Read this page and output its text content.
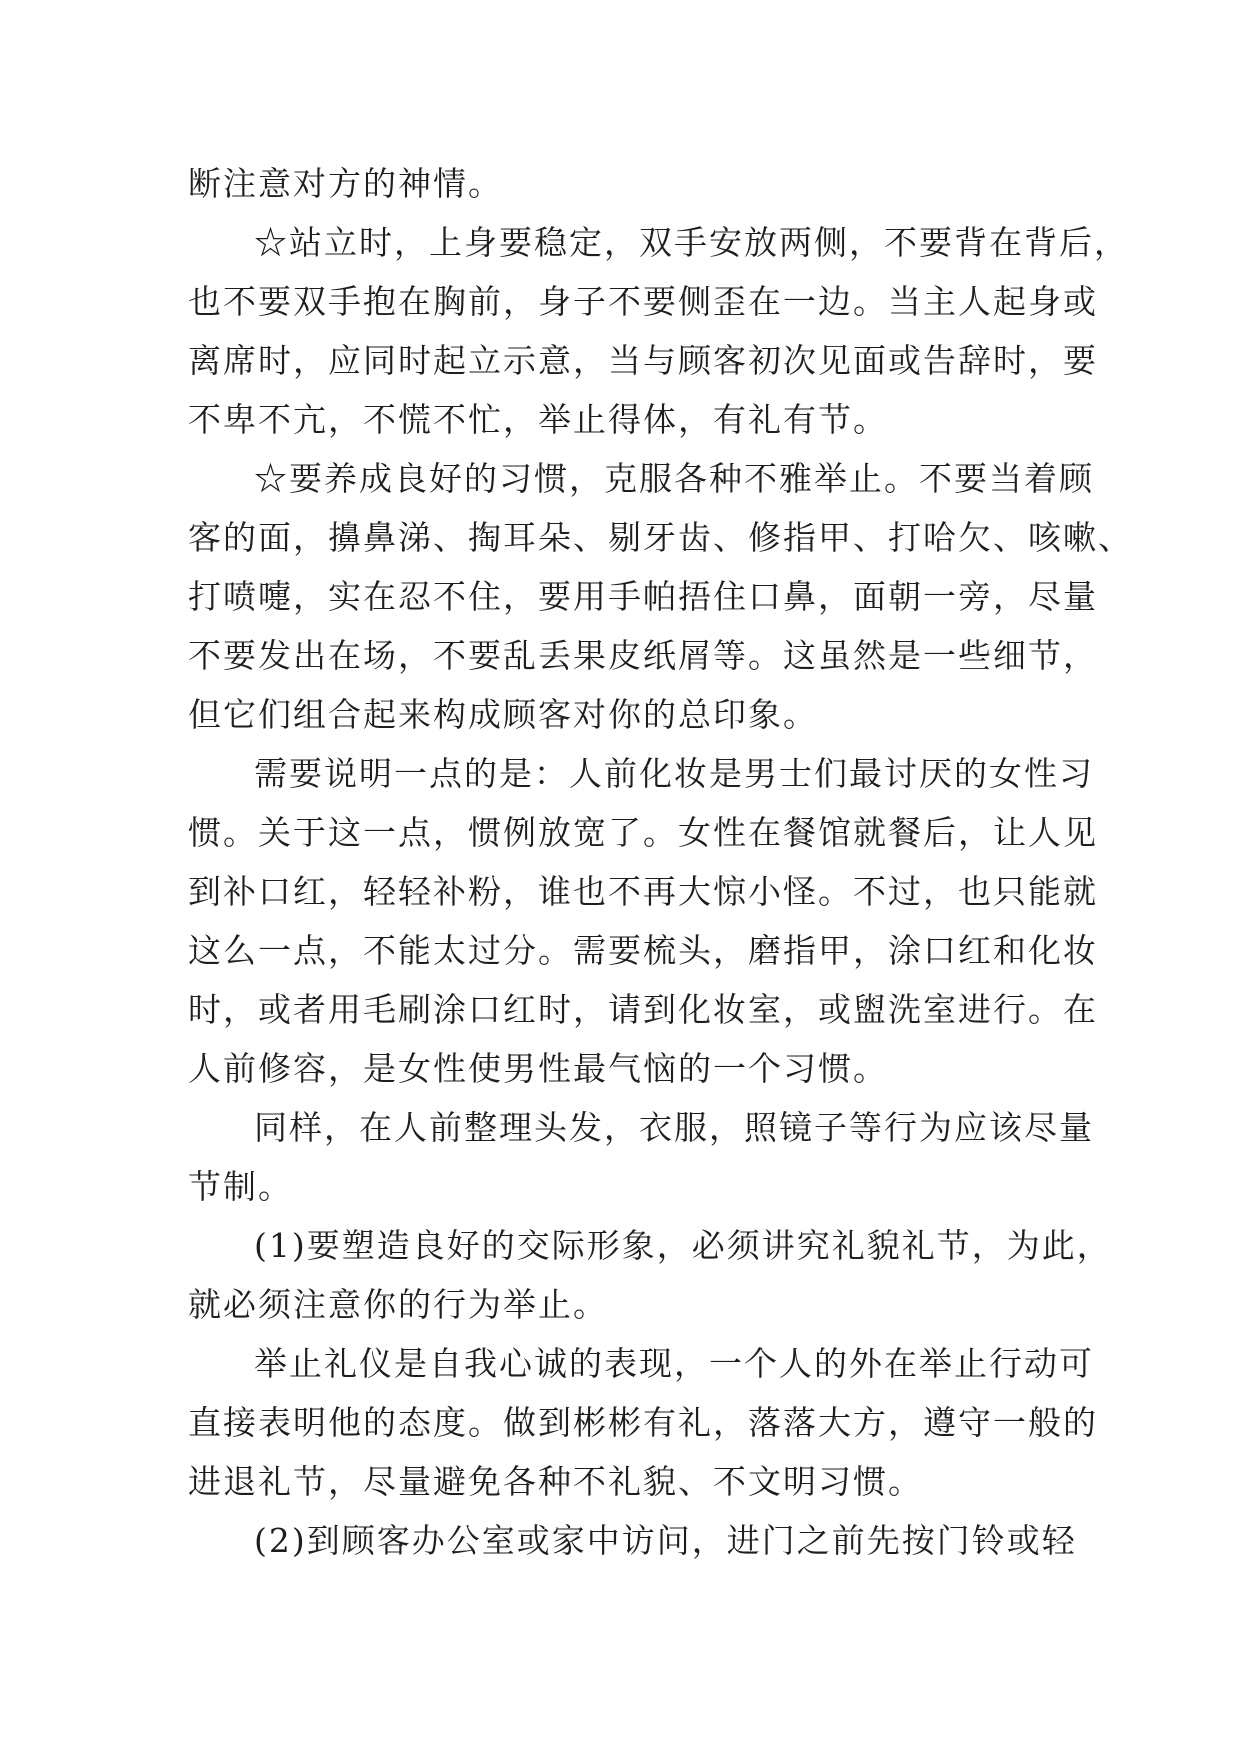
断注意对方的神情。
☆站立时，上身要稳定，双手安放两侧，不要背在背后，
也不要双手抱在胸前，身子不要侧歪在一边。当主人起身或
离席时，应同时起立示意，当与顾客初次见面或告辞时，要
不卑不亢，不慌不忙，举止得体，有礼有节。
☆要养成良好的习惯，克服各种不雅举止。不要当着顾
客的面，擤鼻涕、掏耳朵、剔牙齿、修指甲、打哈欠、咳嗽、
打喷嚏，实在忍不住，要用手帕捂住口鼻，面朝一旁，尽量
不要发出在场，不要乱丢果皮纸屑等。这虽然是一些细节，
但它们组合起来构成顾客对你的总印象。
需要说明一点的是：人前化妆是男士们最讨厌的女性习
惯。关于这一点，惯例放宽了。女性在餐馆就餐后，让人见
到补口红，轻轻补粉，谁也不再大惊小怪。不过，也只能就
这么一点，不能太过分。需要梳头，磨指甲，涂口红和化妆
时，或者用毛刷涂口红时，请到化妆室，或盥洗室进行。在
人前修容，是女性使男性最气恼的一个习惯。
同样，在人前整理头发，衣服，照镜子等行为应该尽量
节制。
(1)要塑造良好的交际形象，必须讲究礼貌礼节，为此，
就必须注意你的行为举止。
举止礼仪是自我心诚的表现，一个人的外在举止行动可
直接表明他的态度。做到彬彬有礼，落落大方，遵守一般的
进退礼节，尽量避免各种不礼貌、不文明习惯。
(2)到顾客办公室或家中访问，进门之前先按门铃或轻
